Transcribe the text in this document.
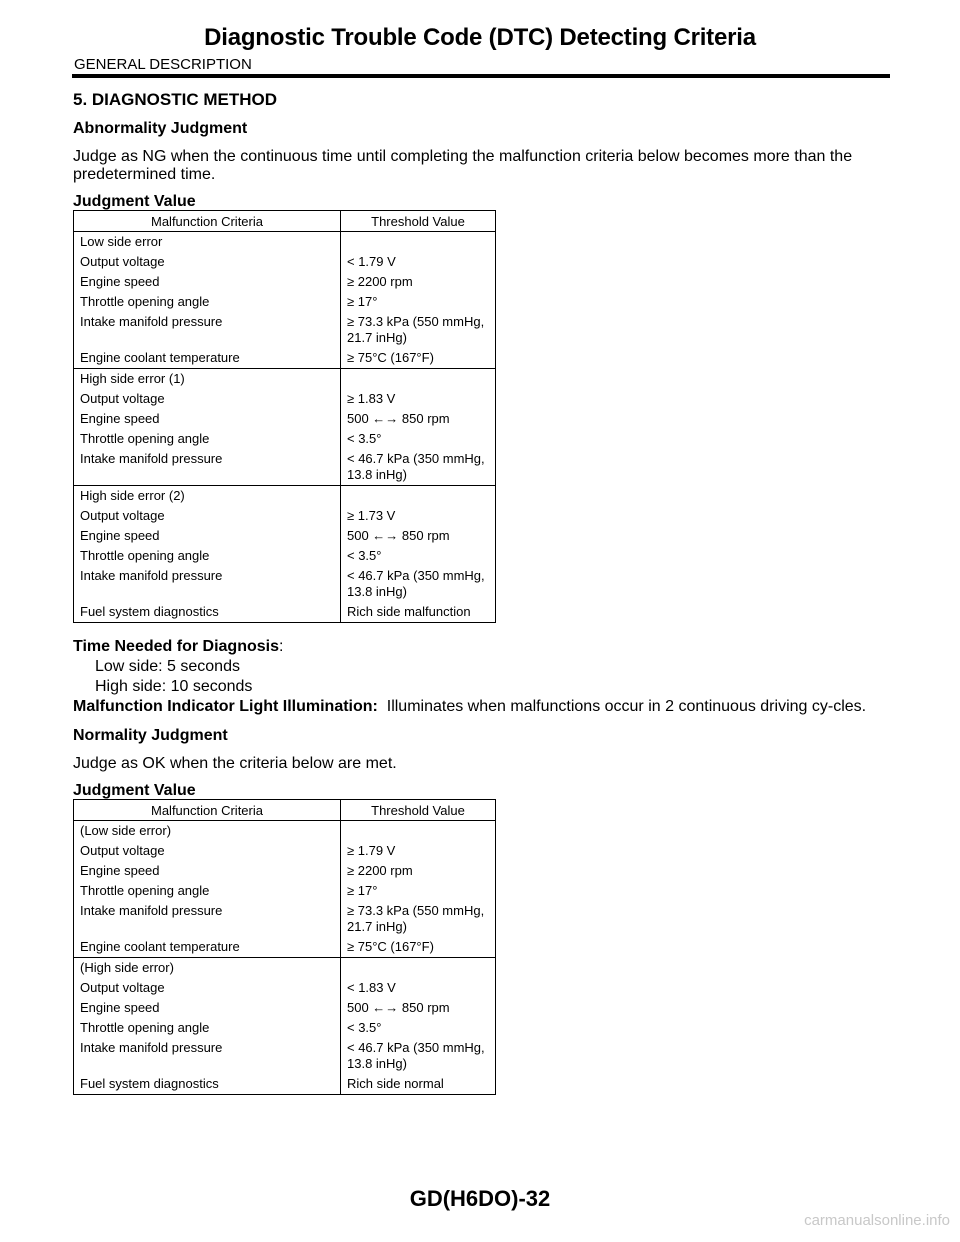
Diagnostic Trouble Code (DTC) Detecting Criteria
GENERAL DESCRIPTION
5. DIAGNOSTIC METHOD
Abnormality Judgment
Judge as NG when the continuous time until completing the malfunction criteria below becomes more than the predetermined time.
Judgment Value
Malfunction Criteria	Threshold Value
Low side error	
Output voltage	< 1.79 V
Engine speed	≥ 2200 rpm
Throttle opening angle	≥ 17°
Intake manifold pressure	≥ 73.3 kPa (550 mmHg, 21.7 inHg)
Engine coolant temperature	≥ 75°C (167°F)
High side error (1)	
Output voltage	≥ 1.83 V
Engine speed	500 ←→ 850 rpm
Throttle opening angle	< 3.5°
Intake manifold pressure	< 46.7 kPa (350 mmHg, 13.8 inHg)
High side error (2)	
Output voltage	≥ 1.73 V
Engine speed	500 ←→ 850 rpm
Throttle opening angle	< 3.5°
Intake manifold pressure	< 46.7 kPa (350 mmHg, 13.8 inHg)
Fuel system diagnostics	Rich side malfunction
Time Needed for Diagnosis:
Low side: 5 seconds
High side: 10 seconds
Malfunction Indicator Light Illumination: Illuminates when malfunctions occur in 2 continuous driving cy-cles.
Normality Judgment
Judge as OK when the criteria below are met.
Judgment Value
Malfunction Criteria	Threshold Value
(Low side error)	
Output voltage	≥ 1.79 V
Engine speed	≥ 2200 rpm
Throttle opening angle	≥ 17°
Intake manifold pressure	≥ 73.3 kPa (550 mmHg, 21.7 inHg)
Engine coolant temperature	≥ 75°C (167°F)
(High side error)	
Output voltage	< 1.83 V
Engine speed	500 ←→ 850 rpm
Throttle opening angle	< 3.5°
Intake manifold pressure	< 46.7 kPa (350 mmHg, 13.8 inHg)
Fuel system diagnostics	Rich side normal
GD(H6DO)-32
carmanualsonline.info
